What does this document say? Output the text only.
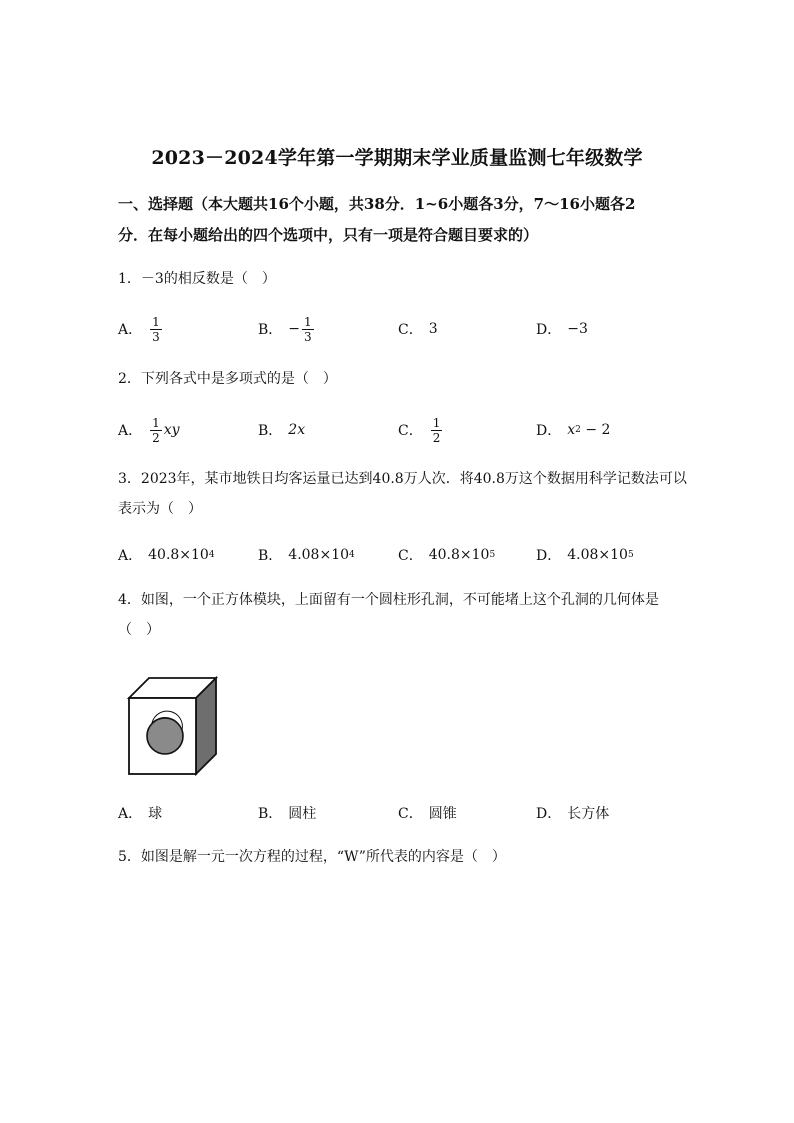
2023－2024学年第一学期期末学业质量监测七年级数学
一、选择题（本大题共16个小题，共38分．1~6小题各3分，7～16小题各2
分．在每小题给出的四个选项中，只有一项是符合题目要求的）
1．－3的相反数是（　）
A． $\frac{1}{3}$	B． − $\frac{1}{3}$	C． 3	D． −3
2．下列各式中是多项式的是（　）
A． $\frac{1}{2}$ xy	B． 2x	C． $\frac{1}{2}$	D． x 2 − 2
3．2023年，某市地铁日均客运量已达到40.8万人次．将40.8万这个数据用科学记数法可以
表示为（　）
A． 40.8×10 4	B． 4.08×10 4	C． 40.8×10 5	D． 4.08×10 5
4．如图，一个正方体模块，上面留有一个圆柱形孔洞，不可能堵上这个孔洞的几何体是
（　）
A． 球	B． 圆柱	C． 圆锥	D． 长方体
5．如图是解一元一次方程的过程，“W”所代表的内容是（　）
